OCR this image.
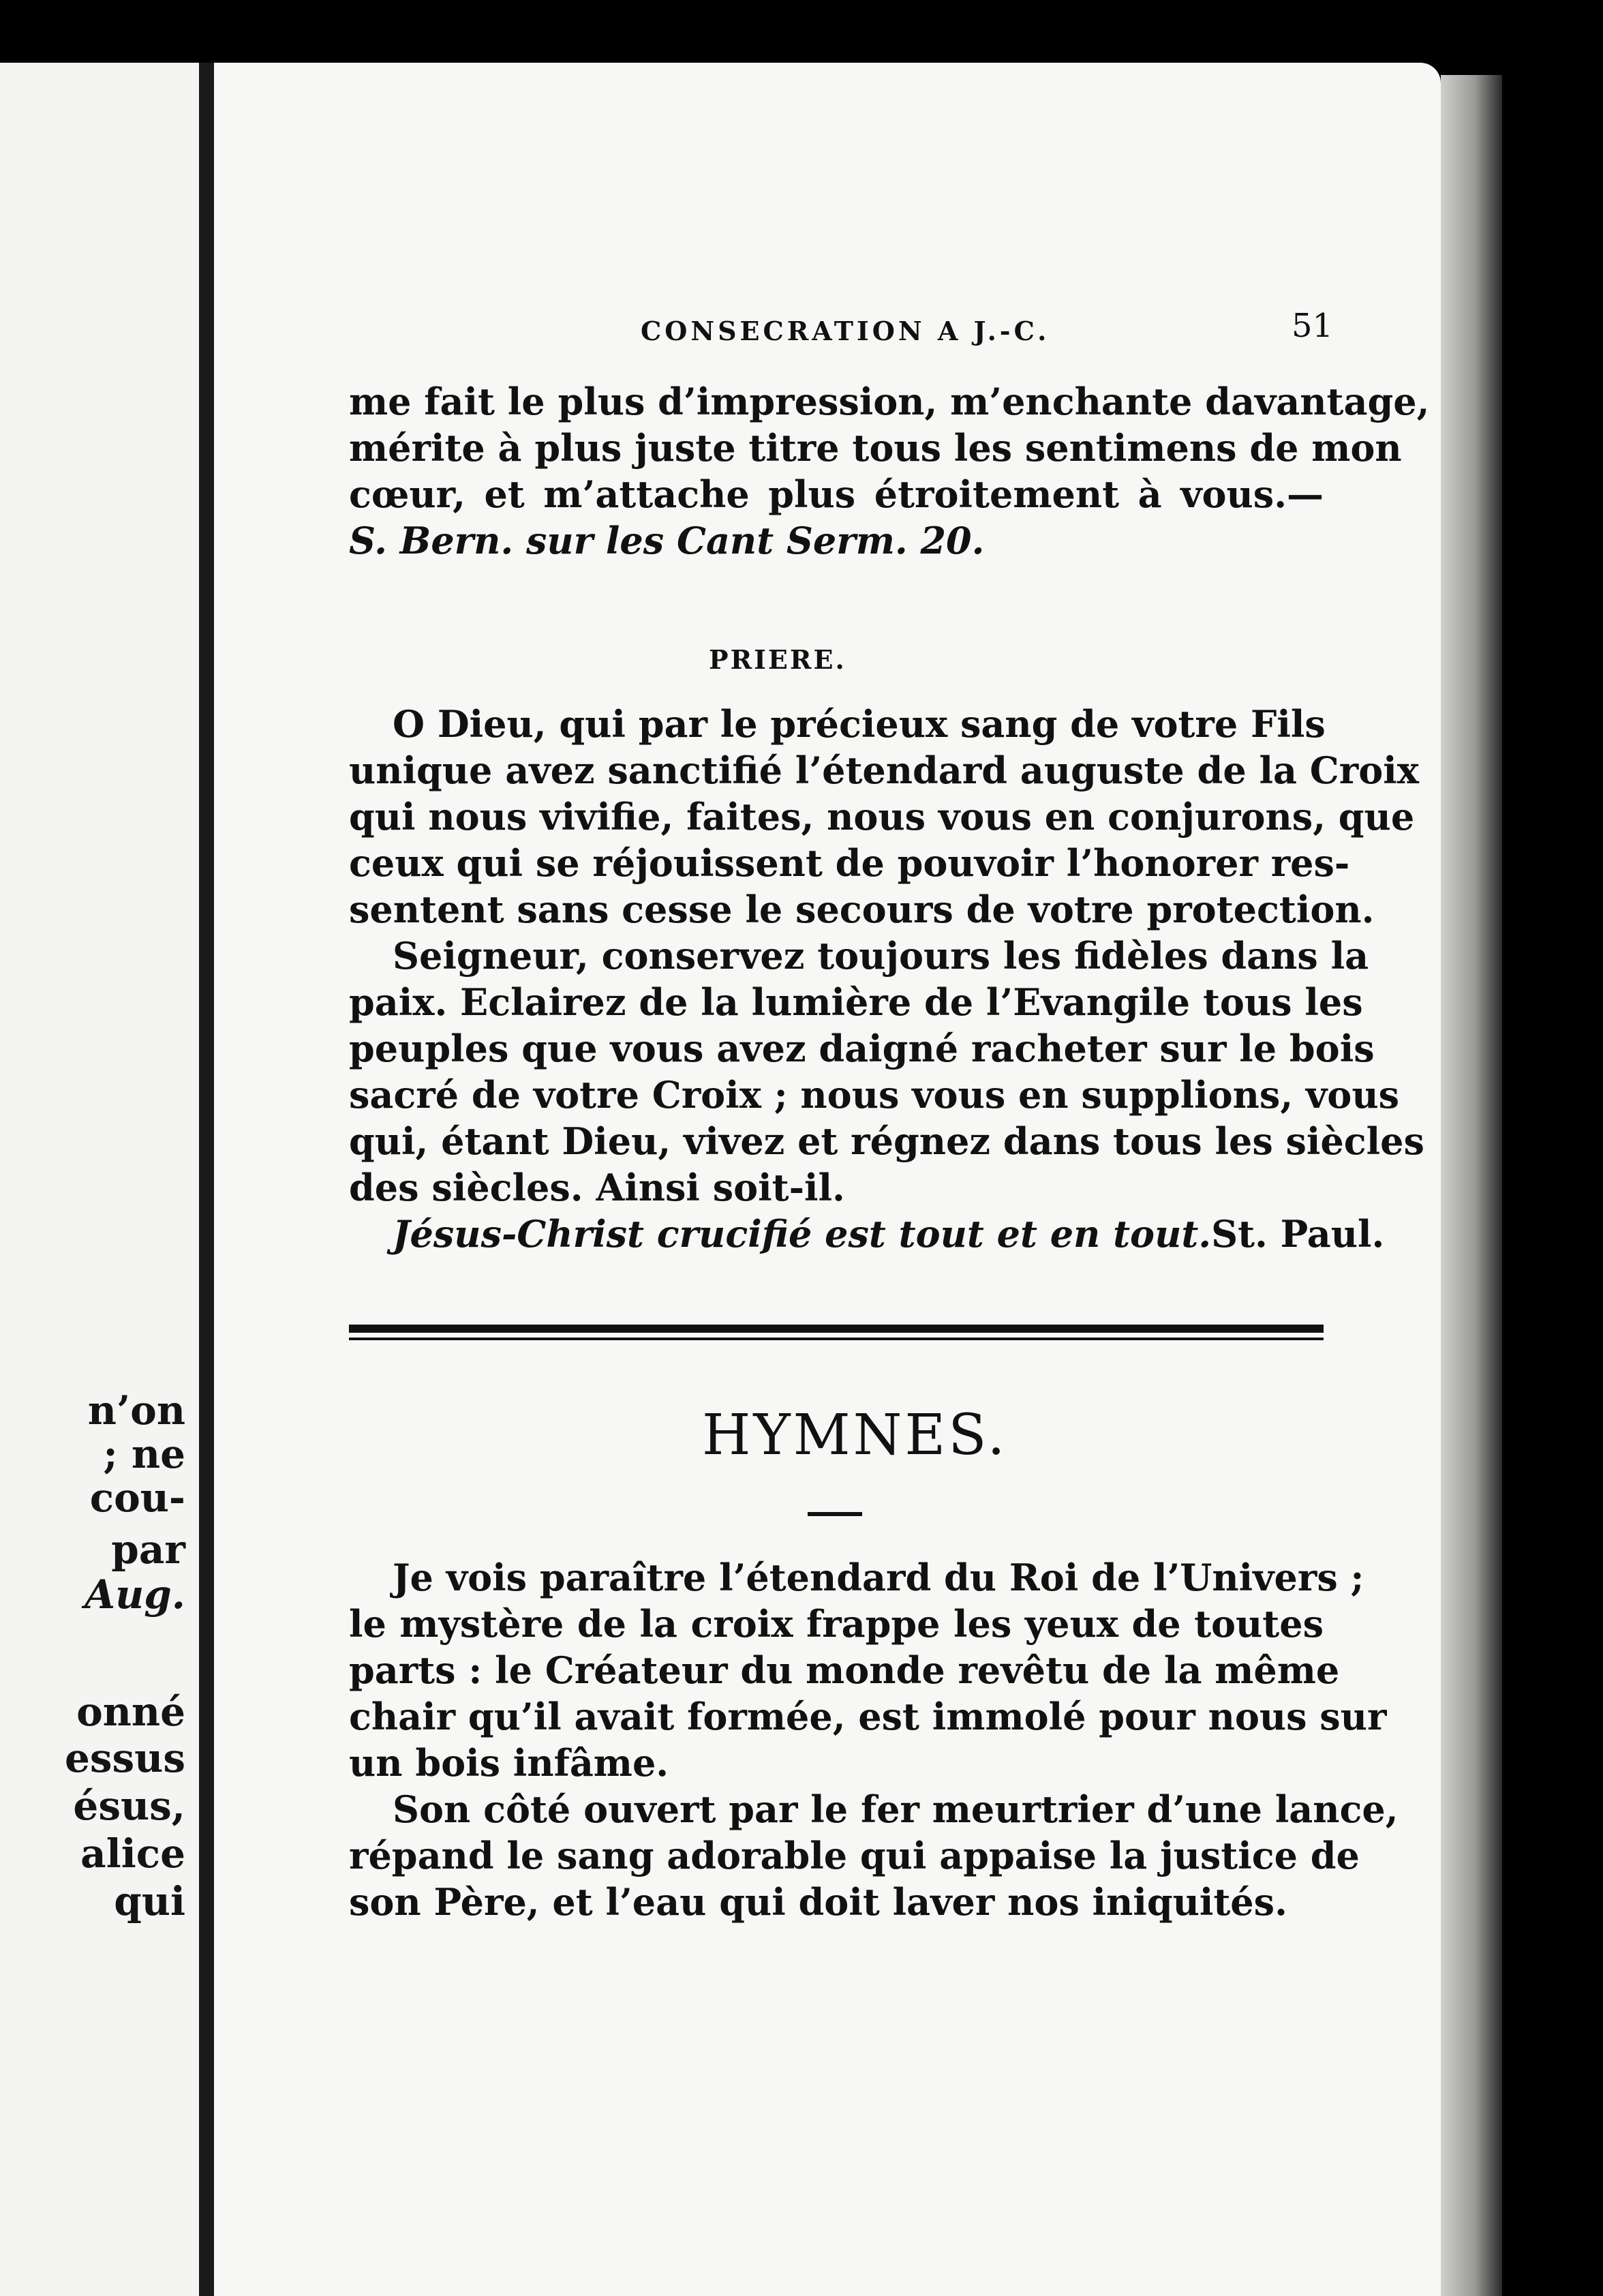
n’on
; ne
cou-
par
Aug.
onné
essus
ésus,
alice
qui
CONSECRATION A J.-C.	51
me fait le plus d’impression, m’enchante davantage,
mérite à plus juste titre tous les sentimens de mon
cœur, et m’attache plus étroitement à vous.—
S. Bern. sur les Cant Serm. 20.
PRIERE.
O Dieu, qui par le précieux sang de votre Fils
unique avez sanctifié l’étendard auguste de la Croix
qui nous vivifie, faites, nous vous en conjurons, que
ceux qui se réjouissent de pouvoir l’honorer res-
sentent sans cesse le secours de votre protection.
Seigneur, conservez toujours les fidèles dans la
paix. Eclairez de la lumière de l’Evangile tous les
peuples que vous avez daigné racheter sur le bois
sacré de votre Croix ; nous vous en supplions, vous
qui, étant Dieu, vivez et régnez dans tous les siècles
des siècles. Ainsi soit-il.
Jésus-Christ crucifié est tout et en tout. St. Paul.
HYMNES.
Je vois paraître l’étendard du Roi de l’Univers ;
le mystère de la croix frappe les yeux de toutes
parts : le Créateur du monde revêtu de la même
chair qu’il avait formée, est immolé pour nous sur
un bois infâme.
Son côté ouvert par le fer meurtrier d’une lance,
répand le sang adorable qui appaise la justice de
son Père, et l’eau qui doit laver nos iniquités.
